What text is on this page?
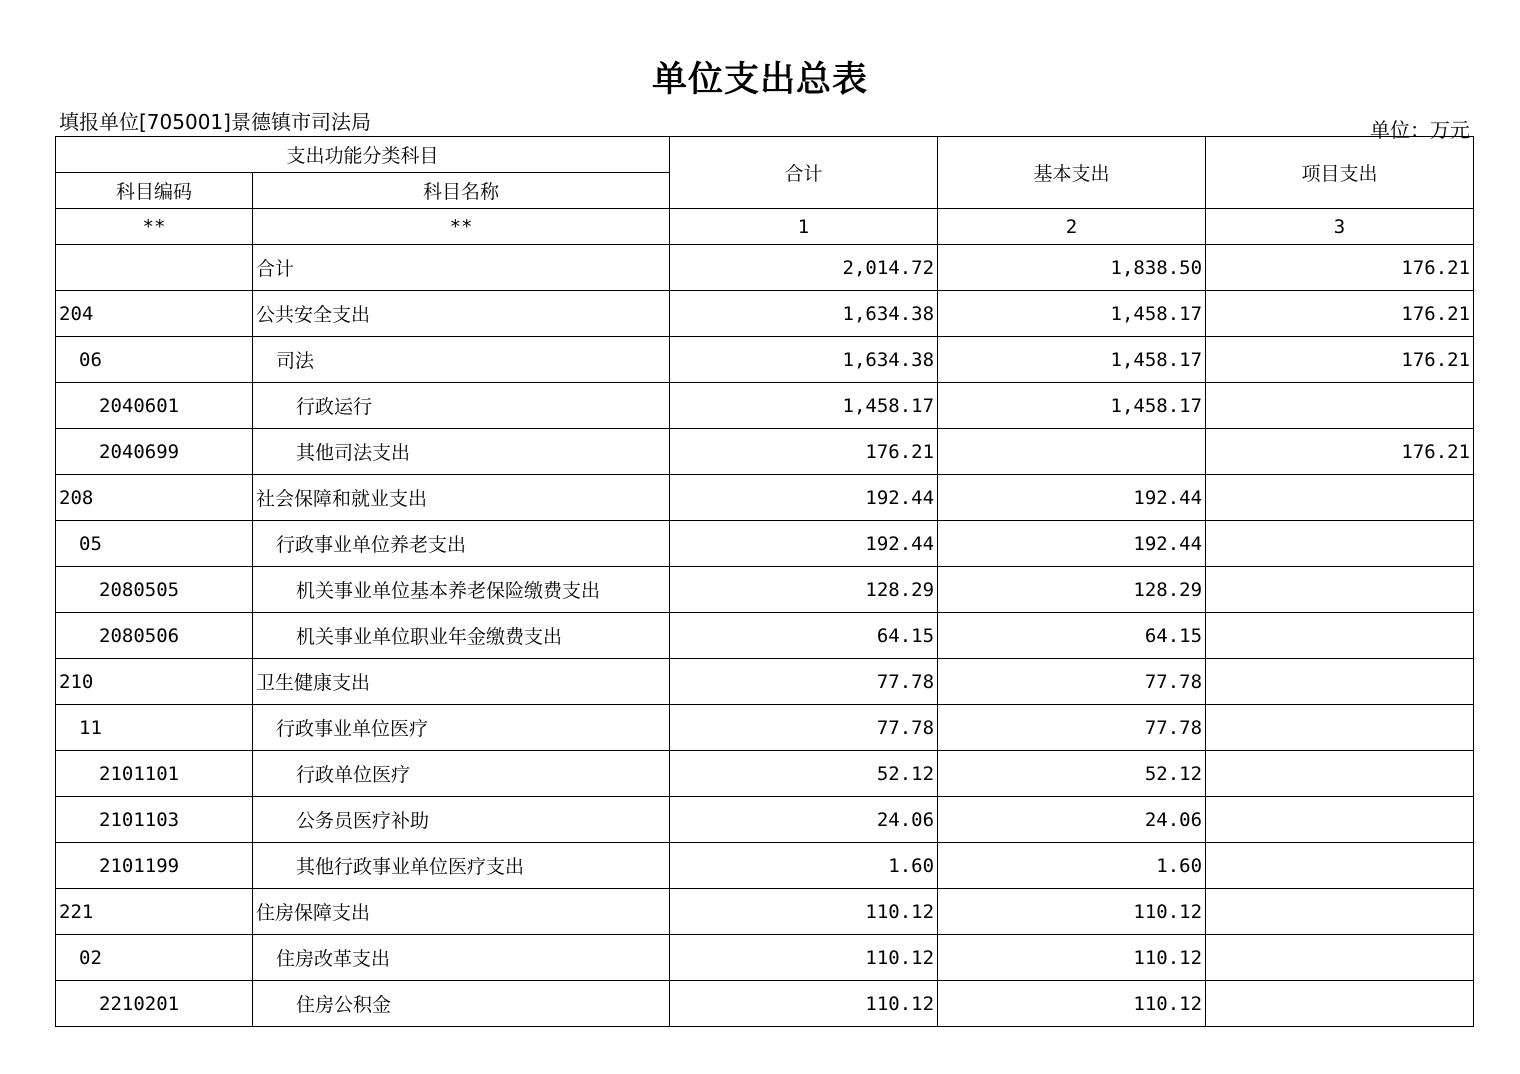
单位支出总表
填报单位[705001]景德镇市司法局	单位：万元
支出功能分类科目		合计	基本支出	项目支出
科目编码	科目名称			
**	**	1	2	3
	合计	2,014.72	1,838.50	176.21
204	公共安全支出	1,634.38	1,458.17	176.21
06	司法	1,634.38	1,458.17	176.21
2040601	行政运行	1,458.17	1,458.17	
2040699	其他司法支出	176.21		176.21
208	社会保障和就业支出	192.44	192.44	
05	行政事业单位养老支出	192.44	192.44	
2080505	机关事业单位基本养老保险缴费支出	128.29	128.29	
2080506	机关事业单位职业年金缴费支出	64.15	64.15	
210	卫生健康支出	77.78	77.78	
11	行政事业单位医疗	77.78	77.78	
2101101	行政单位医疗	52.12	52.12	
2101103	公务员医疗补助	24.06	24.06	
2101199	其他行政事业单位医疗支出	1.60	1.60	
221	住房保障支出	110.12	110.12	
02	住房改革支出	110.12	110.12	
2210201	住房公积金	110.12	110.12	
